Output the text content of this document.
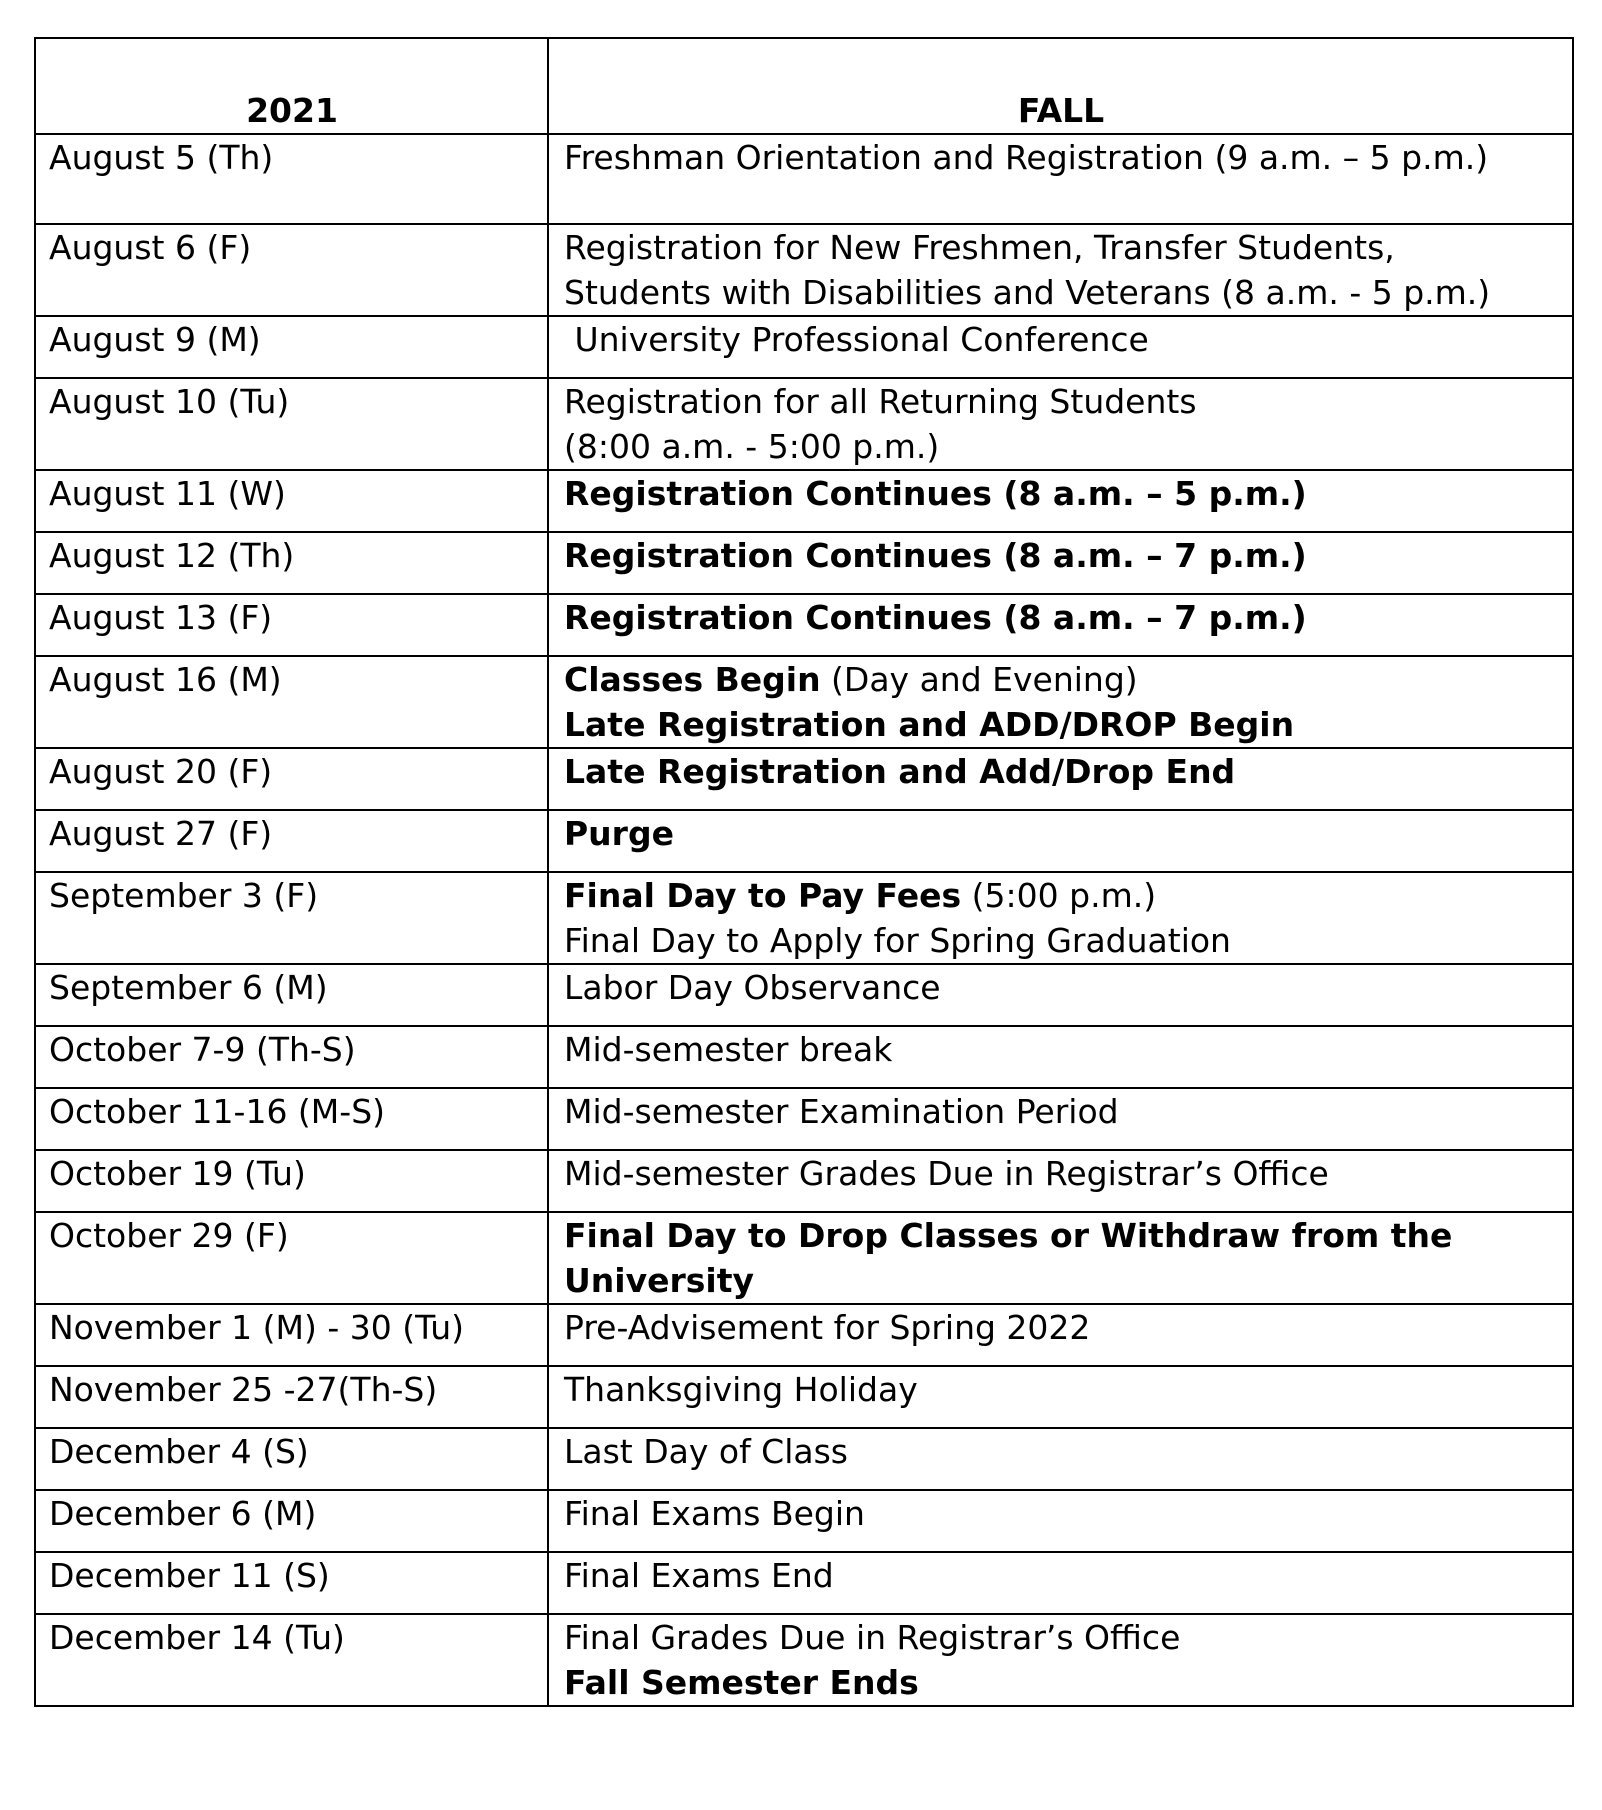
2021	FALL
August 5 (Th)	Freshman Orientation and Registration (9 a.m. – 5 p.m.)

August 6 (F)	Registration for New Freshmen, Transfer Students,
Students with Disabilities and Veterans (8 a.m. - 5 p.m.)

August 9 (M)	University Professional Conference

August 10 (Tu)	Registration for all Returning Students
(8:00 a.m. - 5:00 p.m.)

August 11 (W)	Registration Continues (8 a.m. – 5 p.m.)

August 12 (Th)	Registration Continues (8 a.m. – 7 p.m.)

August 13 (F)	Registration Continues (8 a.m. – 7 p.m.)

August 16 (M)	Classes Begin (Day and Evening)
Late Registration and ADD/DROP Begin

August 20 (F)	Late Registration and Add/Drop End

August 27 (F)	Purge

September 3 (F)	Final Day to Pay Fees (5:00 p.m.)
Final Day to Apply for Spring Graduation

September 6 (M)	Labor Day Observance

October 7-9 (Th-S)	Mid-semester break

October 11-16 (M-S)	Mid-semester Examination Period

October 19 (Tu)	Mid-semester Grades Due in Registrar’s Office

October 29 (F)	Final Day to Drop Classes or Withdraw from the
University

November 1 (M) - 30 (Tu)	Pre-Advisement for Spring 2022

November 25 -27(Th-S)	Thanksgiving Holiday

December 4 (S)	Last Day of Class

December 6 (M)	Final Exams Begin

December 11 (S)	Final Exams End

December 14 (Tu)	Final Grades Due in Registrar’s Office
Fall Semester Ends
